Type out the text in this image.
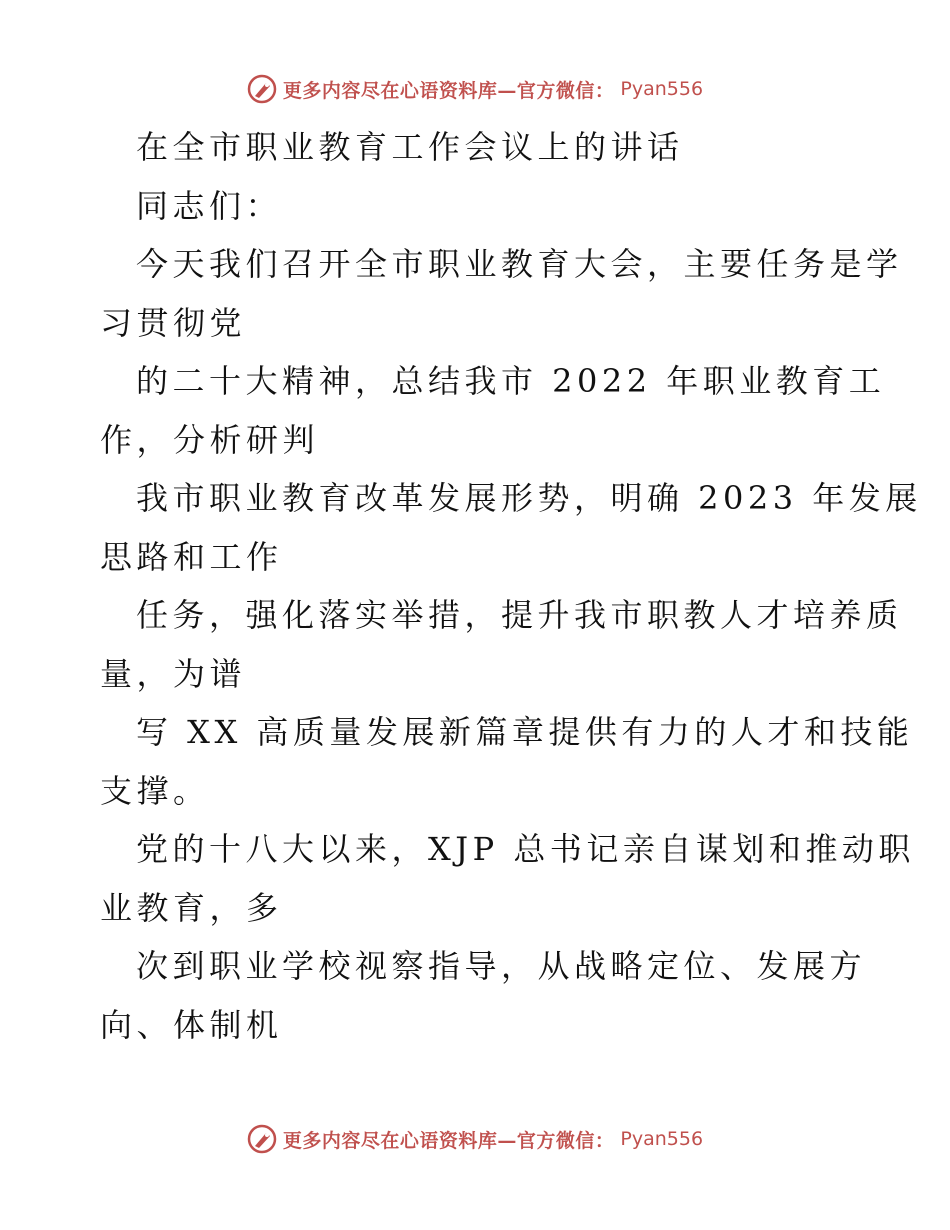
更多内容尽在心语资料库—官方微信： Pyan556
在全市职业教育工作会议上的讲话
同志们：
今天我们召开全市职业教育大会，主要任务是学
习贯彻党
的二十大精神，总结我市 2022 年职业教育工
作，分析研判
我市职业教育改革发展形势，明确 2023 年发展
思路和工作
任务，强化落实举措，提升我市职教人才培养质
量，为谱
写 XX 高质量发展新篇章提供有力的人才和技能
支撑。
党的十八大以来，XJP 总书记亲自谋划和推动职
业教育，多
次到职业学校视察指导，从战略定位、发展方
向、体制机
更多内容尽在心语资料库—官方微信： Pyan556
